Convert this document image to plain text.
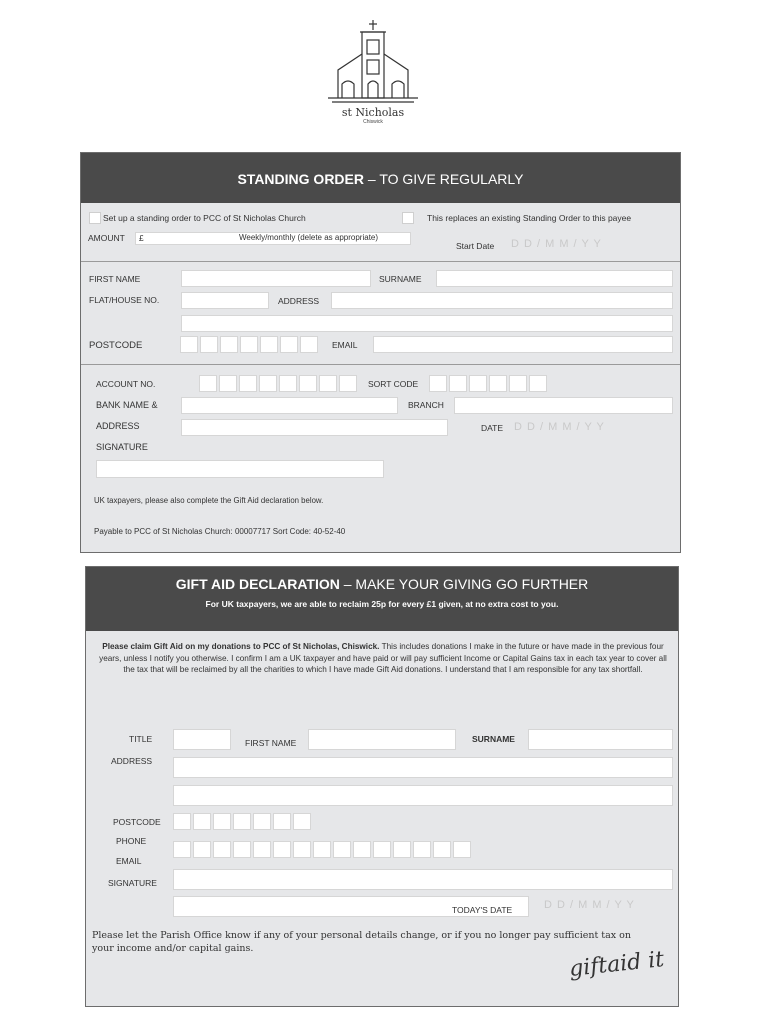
st Nicholas
Chiswick
STANDING ORDER – TO GIVE REGULARLY
Set up a standing order to PCC of St Nicholas Church	This replaces an existing Standing Order to this payee
AMOUNT £	Weekly/monthly (delete as appropriate)
Start Date D D / M M / Y Y
FIRST NAME	SURNAME
FLAT/HOUSE NO.	ADDRESS
POSTCODE	EMAIL
ACCOUNT NO.	SORT CODE
BANK NAME &	BRANCH
ADDRESS	DATE D D / M M / Y Y
SIGNATURE
UK taxpayers, please also complete the Gift Aid declaration below.
Payable to PCC of St Nicholas Church: 00007717 Sort Code: 40-52-40
GIFT AID DECLARATION – MAKE YOUR GIVING GO FURTHER
For UK taxpayers, we are able to reclaim 25p for every £1 given, at no extra cost to you.
Please claim Gift Aid on my donations to PCC of St Nicholas, Chiswick. This includes donations I make in the future or have made in the previous four years, unless I notify you otherwise. I confirm I am a UK taxpayer and have paid or will pay sufficient Income or Capital Gains tax in each tax year to cover all the tax that will be reclaimed by all the charities to which I have made Gift Aid donations. I understand that I am responsible for any tax shortfall.
TITLE	FIRST NAME	SURNAME
ADDRESS
POSTCODE
PHONE
EMAIL
SIGNATURE
TODAY'S DATE	D D / M M / Y Y
Please let the Parish Office know if any of your personal details change, or if you no longer pay sufficient tax on your income and/or capital gains.	giftaid it
